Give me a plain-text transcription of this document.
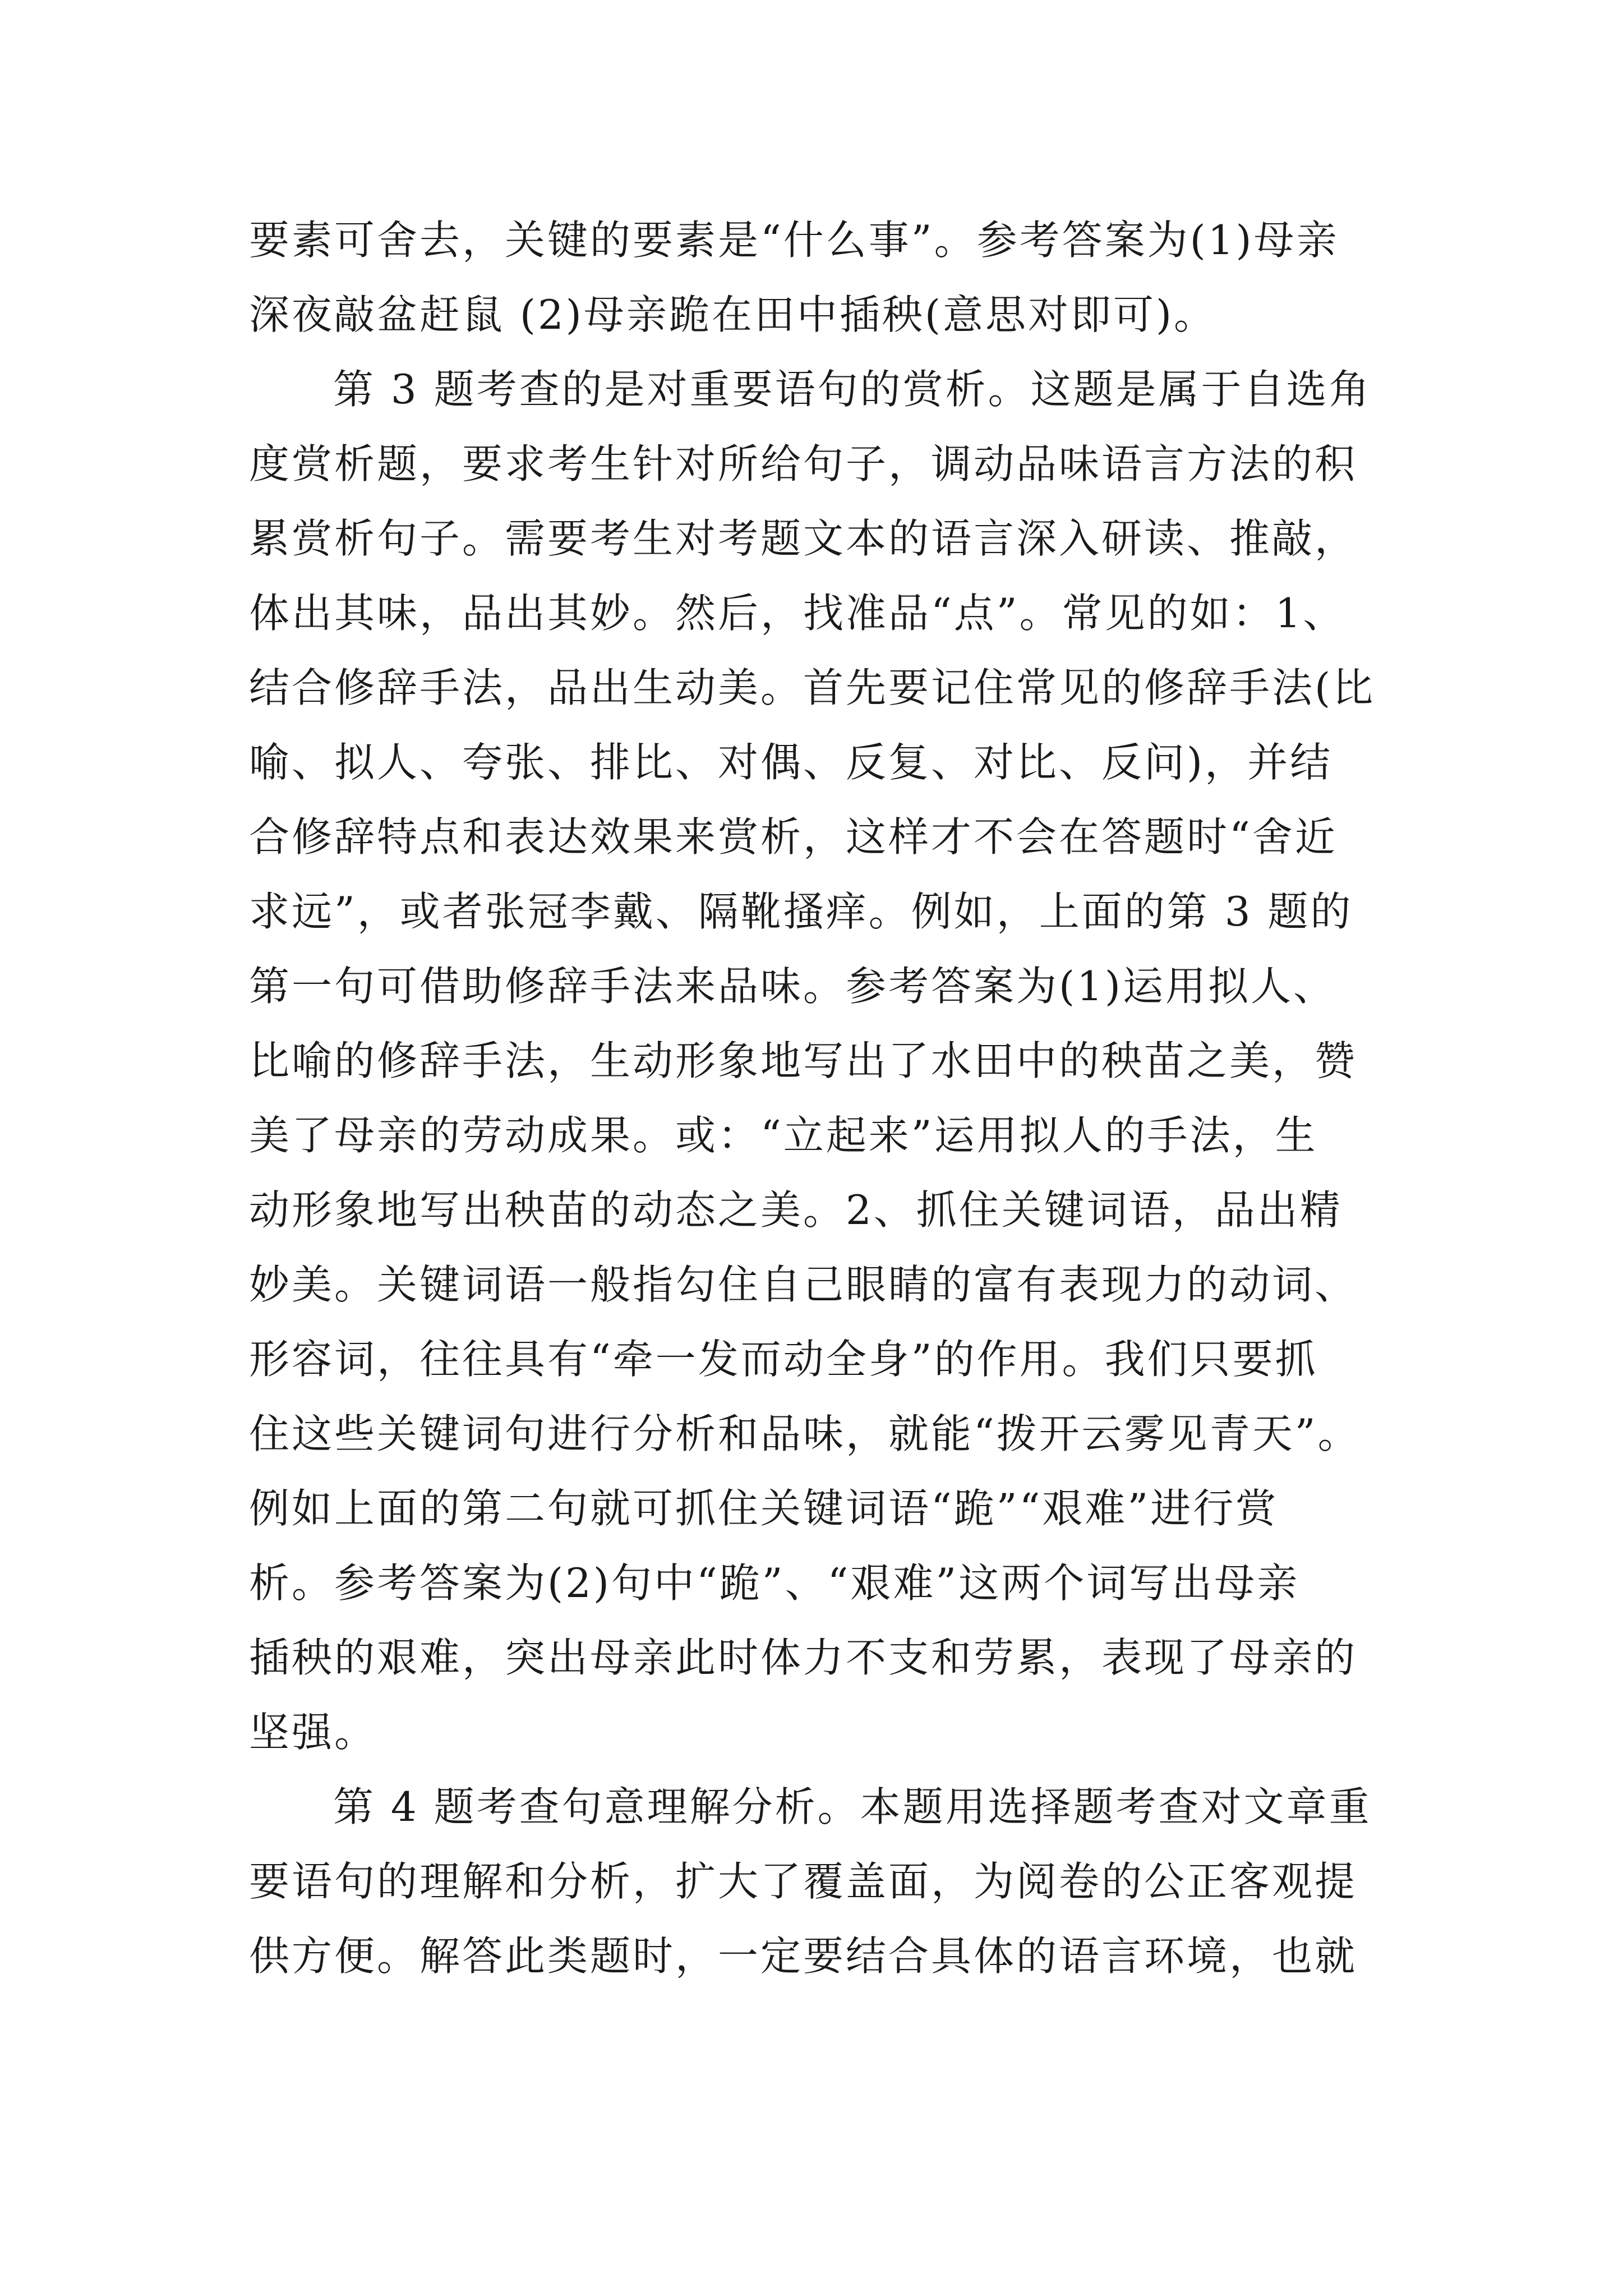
要素可舍去，关键的要素是“什么事”。参考答案为(1)母亲
深夜敲盆赶鼠 (2)母亲跪在田中插秧(意思对即可)。
第 3 题考查的是对重要语句的赏析。这题是属于自选角
度赏析题，要求考生针对所给句子，调动品味语言方法的积
累赏析句子。需要考生对考题文本的语言深入研读、推敲，
体出其味，品出其妙。然后，找准品“点”。常见的如：1、
结合修辞手法，品出生动美。首先要记住常见的修辞手法(比
喻、拟人、夸张、排比、对偶、反复、对比、反问)，并结
合修辞特点和表达效果来赏析，这样才不会在答题时“舍近
求远”，或者张冠李戴、隔靴搔痒。例如，上面的第 3 题的
第一句可借助修辞手法来品味。参考答案为(1)运用拟人、
比喻的修辞手法，生动形象地写出了水田中的秧苗之美，赞
美了母亲的劳动成果。或：“立起来”运用拟人的手法，生
动形象地写出秧苗的动态之美。2、抓住关键词语，品出精
妙美。关键词语一般指勾住自己眼睛的富有表现力的动词、
形容词，往往具有“牵一发而动全身”的作用。我们只要抓
住这些关键词句进行分析和品味，就能“拨开云雾见青天”。
例如上面的第二句就可抓住关键词语“跪”“艰难”进行赏
析。参考答案为(2)句中“跪”、“艰难”这两个词写出母亲
插秧的艰难，突出母亲此时体力不支和劳累，表现了母亲的
坚强。
第 4 题考查句意理解分析。本题用选择题考查对文章重
要语句的理解和分析，扩大了覆盖面，为阅卷的公正客观提
供方便。解答此类题时，一定要结合具体的语言环境，也就
